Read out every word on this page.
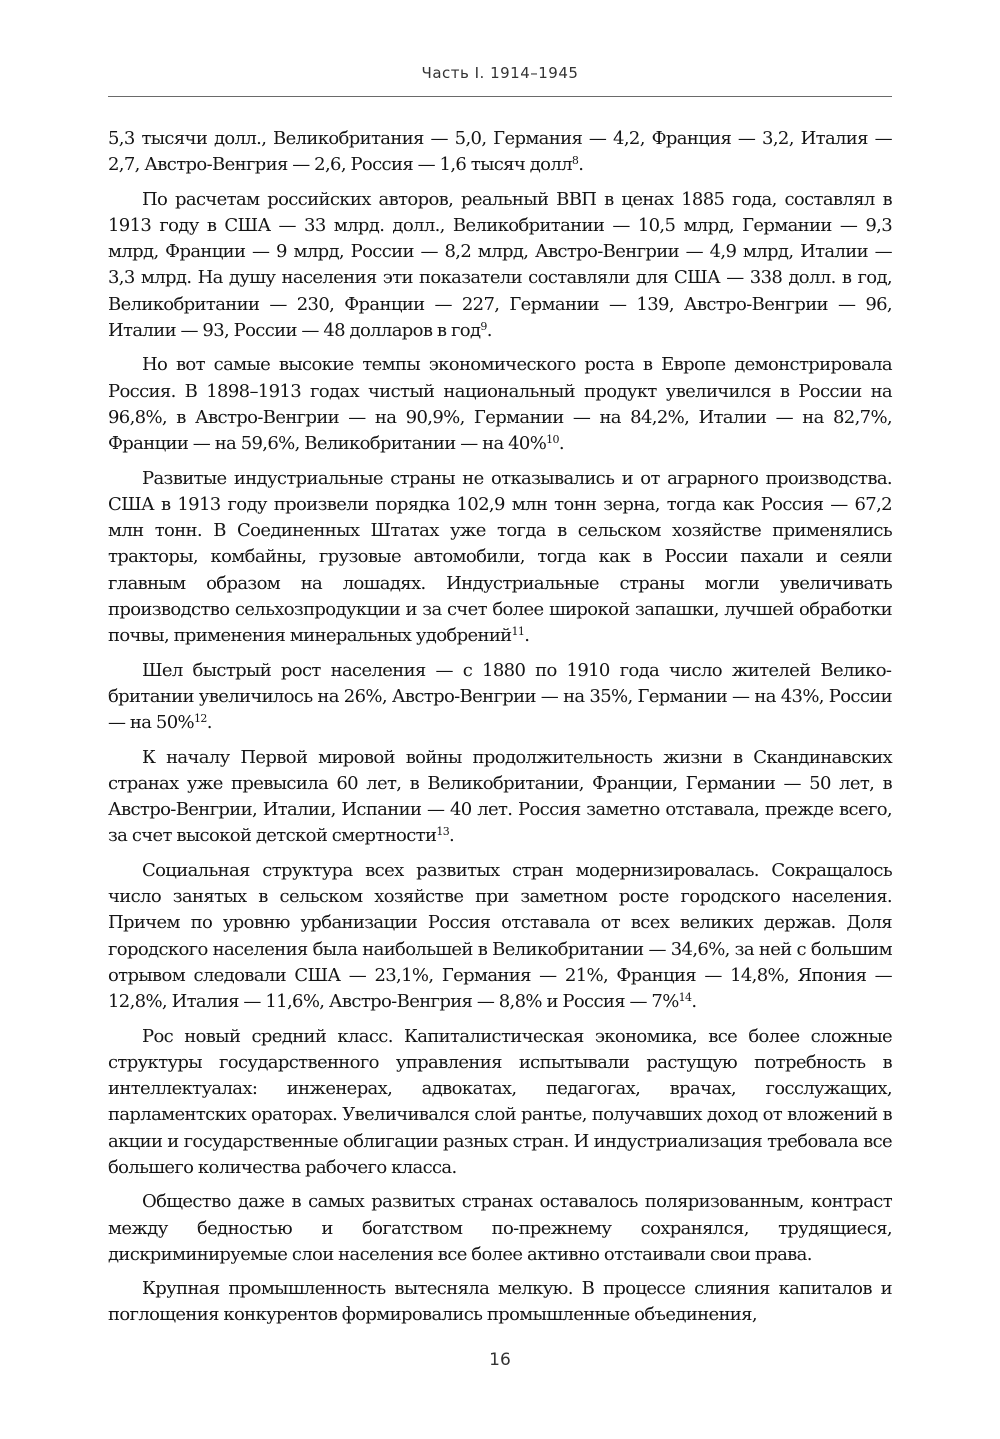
Часть I. 1914–1945

5,3 тысячи долл., Великобритания — 5,0, Германия — 4,2, Франция — 3,2, Италия — 2,7, Австро-Венгрия — 2,6, Россия — 1,6 тысяч долл$^8$.

По расчетам российских авторов, реальный ВВП в ценах 1885 года, составлял в 1913 году в США — 33 млрд. долл., Великобритании — 10,5 млрд, Германии — 9,3 млрд, Франции — 9 млрд, России — 8,2 млрд, Австро-Венгрии — 4,9 млрд, Италии — 3,3 млрд. На душу населения эти показатели составляли для США — 338 долл. в год, Великобритании — 230, Франции — 227, Германии — 139, Австро-Венгрии — 96, Италии — 93, России — 48 долларов в год$^9$.

Но вот самые высокие темпы экономического роста в Европе демонстрировала Россия. В 1898–1913 годах чистый национальный продукт увеличился в России на 96,8%, в Австро-Венгрии — на 90,9%, Германии — на 84,2%, Италии — на 82,7%, Франции — на 59,6%, Великобритании — на 40%$^{10}$.

Развитые индустриальные страны не отказывались и от аграрного производства. США в 1913 году произвели порядка 102,9 млн тонн зерна, тогда как Россия — 67,2 млн тонн. В Соединенных Штатах уже тогда в сельском хозяйстве применялись тракторы, комбайны, грузовые автомобили, тогда как в России пахали и сеяли главным образом на лошадях. Индустриальные страны могли увеличивать производство сельхозпродукции и за счет более широкой запашки, лучшей обработки почвы, применения минеральных удобрений$^{11}$.

Шел быстрый рост населения — с 1880 по 1910 года число жителей Великобритании увеличилось на 26%, Австро-Венгрии — на 35%, Германии — на 43%, России — на 50%$^{12}$.

К началу Первой мировой войны продолжительность жизни в Скандинавских странах уже превысила 60 лет, в Великобритании, Франции, Германии — 50 лет, в Австро-Венгрии, Италии, Испании — 40 лет. Россия заметно отставала, прежде всего, за счет высокой детской смертности$^{13}$.

Социальная структура всех развитых стран модернизировалась. Сокращалось число занятых в сельском хозяйстве при заметном росте городского населения. Причем по уровню урбанизации Россия отставала от всех великих держав. Доля городского населения была наибольшей в Великобритании — 34,6%, за ней с большим отрывом следовали США — 23,1%, Германия — 21%, Франция — 14,8%, Япония — 12,8%, Италия — 11,6%, Австро-Венгрия — 8,8% и Россия — 7%$^{14}$.

Рос новый средний класс. Капиталистическая экономика, все более сложные структуры государственного управления испытывали растущую потребность в интеллектуалах: инженерах, адвокатах, педагогах, врачах, госслужащих, парламентских ораторах. Увеличивался слой рантье, получавших доход от вложений в акции и государственные облигации разных стран. И индустриализация требовала все большего количества рабочего класса.

Общество даже в самых развитых странах оставалось поляризованным, контраст между бедностью и богатством по-прежнему сохранялся, трудящиеся, дискриминируемые слои населения все более активно отстаивали свои права.

Крупная промышленность вытесняла мелкую. В процессе слияния капиталов и поглощения конкурентов формировались промышленные объединения,

16
